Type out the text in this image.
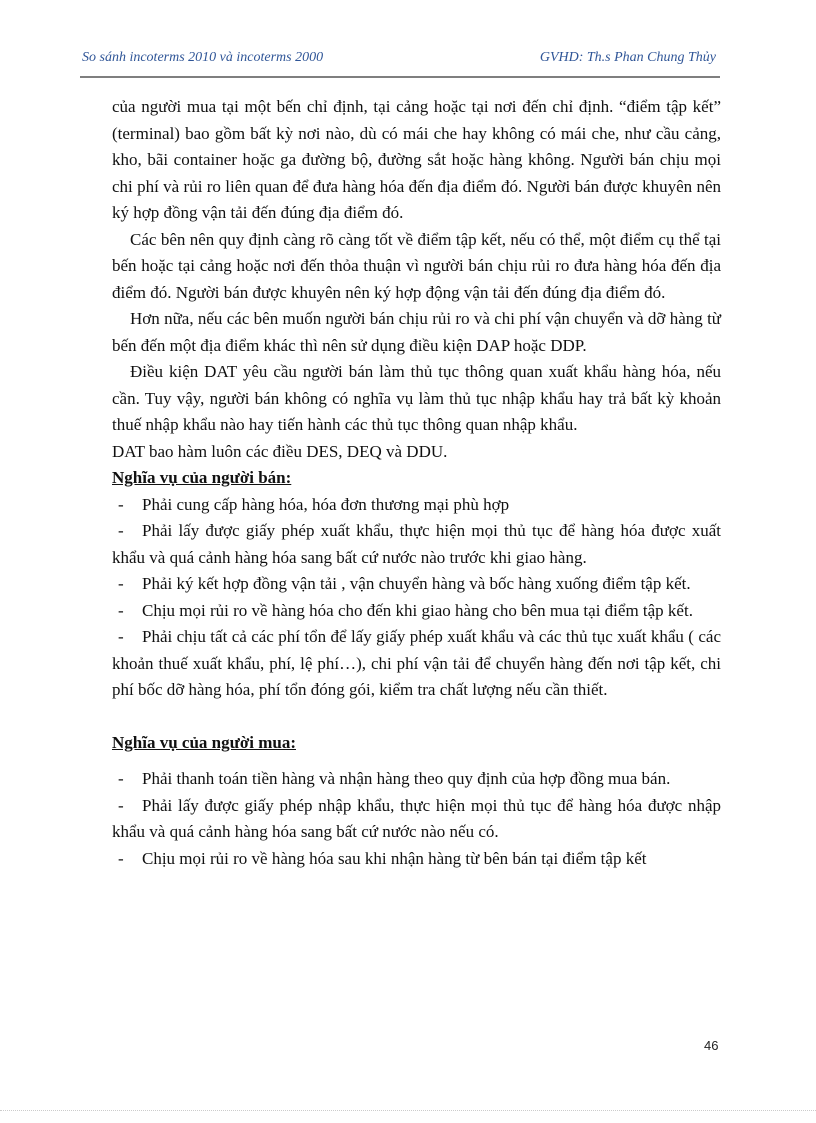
So sánh incoterms 2010 và incoterms 2000	GVHD: Th.s Phan Chung Thủy

của người mua tại một bến chỉ định, tại cảng hoặc tại nơi đến chỉ định. “điểm tập kết” (terminal) bao gồm bất kỳ nơi nào, dù có mái che hay không có mái che, như cầu cảng, kho, bãi container hoặc ga đường bộ, đường sắt hoặc hàng không. Người bán chịu mọi chi phí và rủi ro liên quan để đưa hàng hóa đến địa điểm đó. Người bán được khuyên nên ký hợp đồng vận tải đến đúng địa điểm đó.

Các bên nên quy định càng rõ càng tốt về điểm tập kết, nếu có thể, một điểm cụ thể tại bến hoặc tại cảng hoặc nơi đến thỏa thuận vì người bán chịu rủi ro đưa hàng hóa đến địa điểm đó. Người bán được khuyên nên ký hợp động vận tải đến đúng địa điểm đó.

Hơn nữa, nếu các bên muốn người bán chịu rủi ro và chi phí vận chuyển và dỡ hàng từ bến đến một địa điểm khác thì nên sử dụng điều kiện DAP hoặc DDP.

Điều kiện DAT yêu cầu người bán làm thủ tục thông quan xuất khẩu hàng hóa, nếu cần. Tuy vậy, người bán không có nghĩa vụ làm thủ tục nhập khẩu hay trả bất kỳ khoản thuế nhập khẩu nào hay tiến hành các thủ tục thông quan nhập khẩu.

DAT bao hàm luôn các điều DES, DEQ và DDU.

Nghĩa vụ của người bán:

- Phải cung cấp hàng hóa, hóa đơn thương mại phù hợp

- Phải lấy được giấy phép xuất khẩu, thực hiện mọi thủ tục để hàng hóa được xuất khẩu và quá cảnh hàng hóa sang bất cứ nước nào trước khi giao hàng.

- Phải ký kết hợp đồng vận tải , vận chuyển hàng và bốc hàng xuống điểm tập kết.

- Chịu mọi rủi ro về hàng hóa cho đến khi giao hàng cho bên mua tại điểm tập kết.

- Phải chịu tất cả các phí tổn để lấy giấy phép xuất khẩu và các thủ tục xuất khẩu ( các khoản thuế xuất khẩu, phí, lệ phí…), chi phí vận tải để chuyển hàng đến nơi tập kết, chi phí bốc dỡ hàng hóa, phí tổn đóng gói, kiểm tra chất lượng nếu cần thiết.

Nghĩa vụ của người mua:

- Phải thanh toán tiền hàng và nhận hàng theo quy định của hợp đồng mua bán.

- Phải lấy được giấy phép nhập khẩu, thực hiện mọi thủ tục để hàng hóa được nhập khẩu và quá cảnh hàng hóa sang bất cứ nước nào nếu có.

- Chịu mọi rủi ro về hàng hóa sau khi nhận hàng từ bên bán tại điểm tập kết

46
